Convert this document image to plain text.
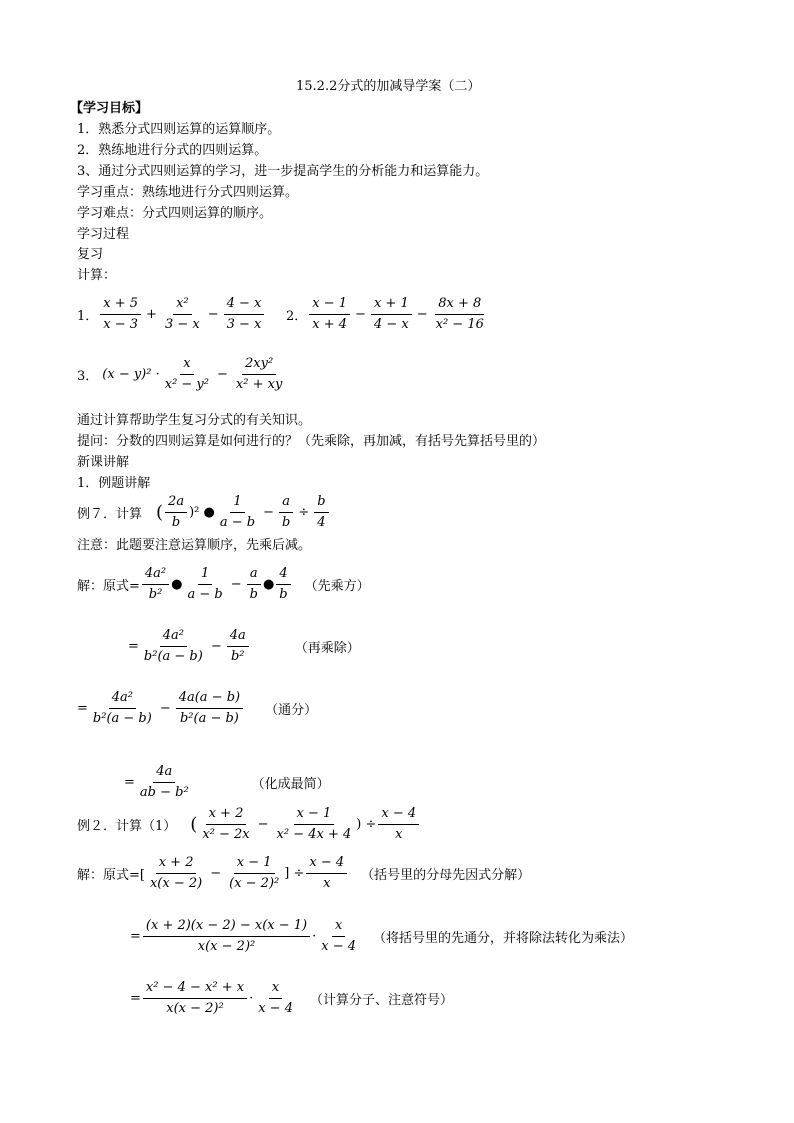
15.2.2分式的加减导学案（二）
【学习目标】
1．熟悉分式四则运算的运算顺序。
2．熟练地进行分式的四则运算。
3、通过分式四则运算的学习，进一步提高学生的分析能力和运算能力。
学习重点：熟练地进行分式四则运算。
学习难点：分式四则运算的顺序。
学习过程
复习
计算：
1． $\frac{x + 5}{x - 3} + \frac{\text{x²}}{3 - x} - \frac{4 - x}{3 - x} 2$． $\frac{x - 1}{x + 4} - \frac{x + 1}{4 - x} - \frac{8x + 8}{\text{x² − 16}}$
3． $(x - y)^2 \cdot \frac{x}{\text{x² − y²}} - \frac{\text{2xy²}}{\text{x² + xy}}$
通过计算帮助学生复习分式的有关知识。
提问：分数的四则运算是如何进行的？（先乘除，再加减，有括号先算括号里的）
新课讲解
1．例题讲解
例７．计算 ( $\frac{2a}{b} )^2$ ● $\frac{1}{a - b} - \frac{a}{b} \div \frac{b}{4}$
注意：此题要注意运算顺序，先乘后减。
解：原式= $\frac{\text{4a²}}{\text{b²}}$ ● $\frac{1}{a - b} - \frac{a}{b}$ ● $\frac{4}{b}$ （先乘方）
= $\frac{\text{4a²}}{\text{b²(a − b)}} - \frac{4a}{\text{b²}}$	（再乘除）
= $\frac{\text{4a²}}{\text{b²(a − b)}} - \frac{4a(a - b)}{\text{b²(a − b)}}$ （通分）
= $\frac{4a}{\text{ab − b²}}$	（化成最简）
例２．计算（1） ( $\frac{x + 2}{\text{x² − 2x}} - \frac{x - 1}{\text{x² − 4x + 4}}$ ) ÷ $\frac{x - 4}{x}$
解：原式=[ $\frac{x + 2}{x(x - 2)} - \frac{x - 1}{\text{(x − 2)²}}$ ] ÷ $\frac{x - 4}{x}$ （括号里的分母先因式分解）
= $\frac{(x + 2)(x - 2) - x(x - 1)}{\text{x(x − 2)²}} \cdot \frac{x}{x - 4}$ （将括号里的先通分，并将除法转化为乘法）
= $\frac{\text{x² − 4 − x² + x}}{\text{x(x − 2)²}} \cdot \frac{x}{x - 4}$ （计算分子、注意符号）
